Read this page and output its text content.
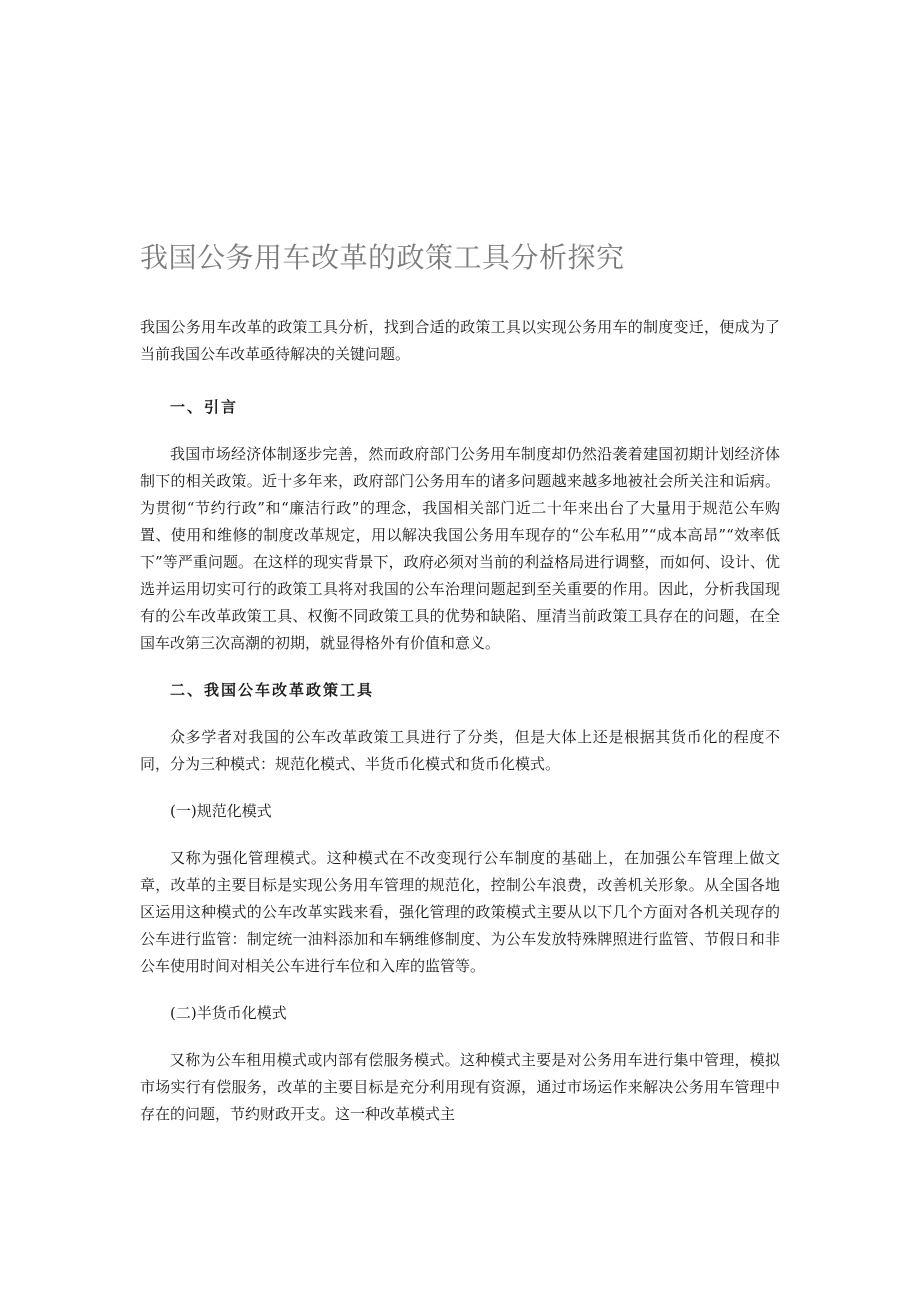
我国公务用车改革的政策工具分析探究

我国公务用车改革的政策工具分析，找到合适的政策工具以实现公务用车的制度变迁，便成为了当前我国公车改革亟待解决的关键问题。

一、引言

我国市场经济体制逐步完善，然而政府部门公务用车制度却仍然沿袭着建国初期计划经济体制下的相关政策。近十多年来，政府部门公务用车的诸多问题越来越多地被社会所关注和诟病。为贯彻“节约行政”和“廉洁行政”的理念，我国相关部门近二十年来出台了大量用于规范公车购置、使用和维修的制度改革规定，用以解决我国公务用车现存的“公车私用”“成本高昂”“效率低下”等严重问题。在这样的现实背景下，政府必须对当前的利益格局进行调整，而如何、设计、优选并运用切实可行的政策工具将对我国的公车治理问题起到至关重要的作用。因此，分析我国现有的公车改革政策工具、权衡不同政策工具的优势和缺陷、厘清当前政策工具存在的问题，在全国车改第三次高潮的初期，就显得格外有价值和意义。

二、我国公车改革政策工具

众多学者对我国的公车改革政策工具进行了分类，但是大体上还是根据其货币化的程度不同，分为三种模式：规范化模式、半货币化模式和货币化模式。

(一)规范化模式

又称为强化管理模式。这种模式在不改变现行公车制度的基础上，在加强公车管理上做文章，改革的主要目标是实现公务用车管理的规范化，控制公车浪费，改善机关形象。从全国各地区运用这种模式的公车改革实践来看，强化管理的政策模式主要从以下几个方面对各机关现存的公车进行监管：制定统一油料添加和车辆维修制度、为公车发放特殊牌照进行监管、节假日和非公车使用时间对相关公车进行车位和入库的监管等。

(二)半货币化模式

又称为公车租用模式或内部有偿服务模式。这种模式主要是对公务用车进行集中管理，模拟市场实行有偿服务，改革的主要目标是充分利用现有资源，通过市场运作来解决公务用车管理中存在的问题，节约财政开支。这一种改革模式主
